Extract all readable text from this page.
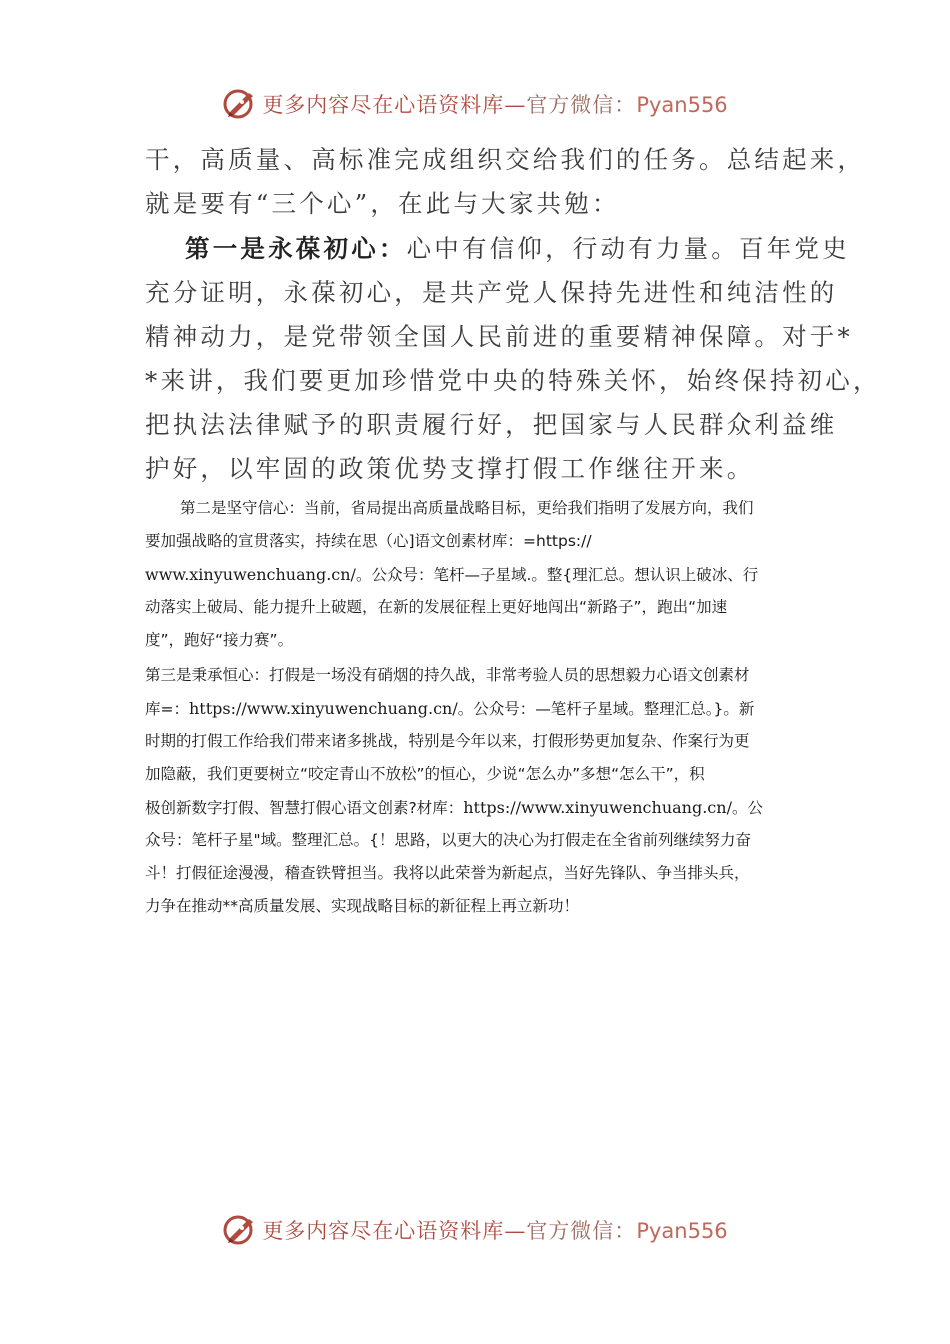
更多内容尽在心语资料库—官方微信：Pyan556
干，高质量、高标准完成组织交给我们的任务。总结起来，
就是要有“三个心”，在此与大家共勉：
第一是永葆初心：心中有信仰，行动有力量。百年党史
充分证明，永葆初心，是共产党人保持先进性和纯洁性的
精神动力，是党带领全国人民前进的重要精神保障。对于*
*来讲，我们要更加珍惜党中央的特殊关怀，始终保持初心，
把执法法律赋予的职责履行好，把国家与人民群众利益维
护好，以牢固的政策优势支撑打假工作继往开来。
第二是坚守信心：当前，省局提出高质量战略目标，更给我们指明了发展方向，我们
要加强战略的宣贯落实，持续在思（心]语文创素材库：=https://
www.xinyuwenchuang.cn/。公众号：笔杆—子星域.。整{理汇总。想认识上破冰、行
动落实上破局、能力提升上破题，在新的发展征程上更好地闯出“新路子”，跑出“加速
度”，跑好“接力赛”。
第三是秉承恒心：打假是一场没有硝烟的持久战，非常考验人员的思想毅力心语文创素材
库=：https://www.xinyuwenchuang.cn/。公众号：—笔杆子星域。整理汇总。}。新
时期的打假工作给我们带来诸多挑战，特别是今年以来，打假形势更加复杂、作案行为更
加隐蔽，我们更要树立“咬定青山不放松”的恒心，少说“怎么办”多想“怎么干”，积
极创新数字打假、智慧打假心语文创素?材库：https://www.xinyuwenchuang.cn/。公
众号：笔杆子星"域。整理汇总。{！思路，以更大的决心为打假走在全省前列继续努力奋
斗！打假征途漫漫，稽查铁臂担当。我将以此荣誉为新起点，当好先锋队、争当排头兵，
力争在推动**高质量发展、实现战略目标的新征程上再立新功！
更多内容尽在心语资料库—官方微信：Pyan556
